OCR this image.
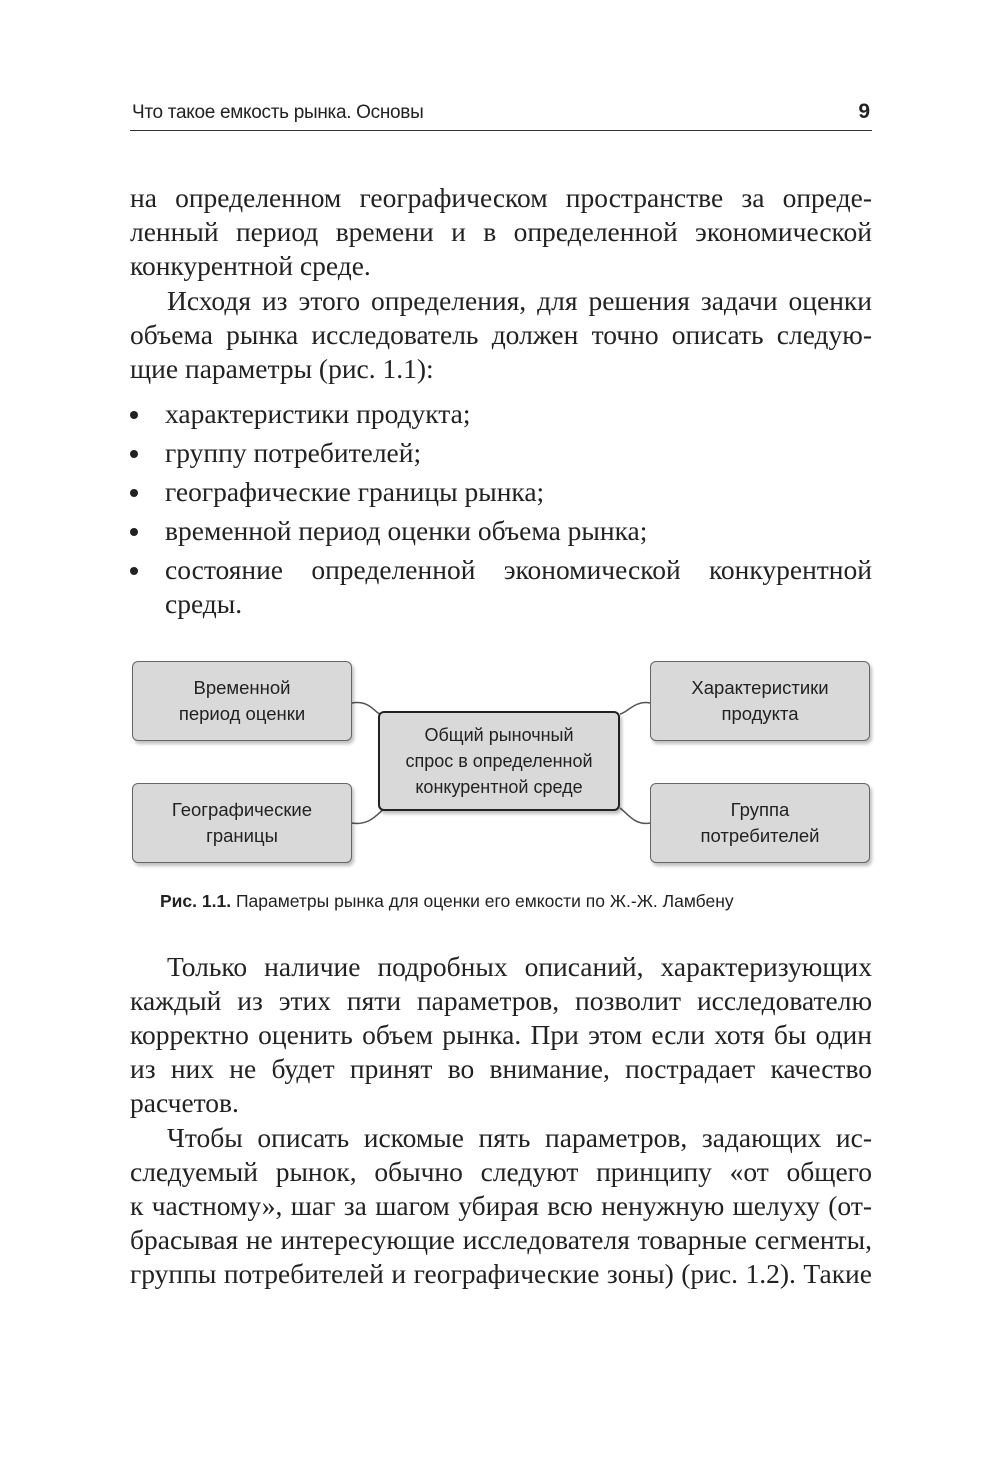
Что такое емкость рынка. Основы	9
на определенном географическом пространстве за опреде-
ленный период времени и в определенной экономической
конкурентной среде.
Исходя из этого определения, для решения задачи оценки
объема рынка исследователь должен точно описать следую-
щие параметры (рис. 1.1):
характеристики продукта;
группу потребителей;
географические границы рынка;
временной период оценки объема рынка;
состояние определенной экономической конкурентной
среды.
Временной
период оценки
Географические
границы
Общий рыночный
спрос в определенной
конкурентной среде
Характеристики
продукта
Группа
потребителей
Рис. 1.1. Параметры рынка для оценки его емкости по Ж.-Ж. Ламбену
Только наличие подробных описаний, характеризующих
каждый из этих пяти параметров, позволит исследователю
корректно оценить объем рынка. При этом если хотя бы один
из них не будет принят во внимание, пострадает качество
расчетов.
Чтобы описать искомые пять параметров, задающих ис-
следуемый рынок, обычно следуют принципу «от общего
к частному», шаг за шагом убирая всю ненужную шелуху (от-
брасывая не интересующие исследователя товарные сегменты,
группы потребителей и географические зоны) (рис. 1.2). Такие
